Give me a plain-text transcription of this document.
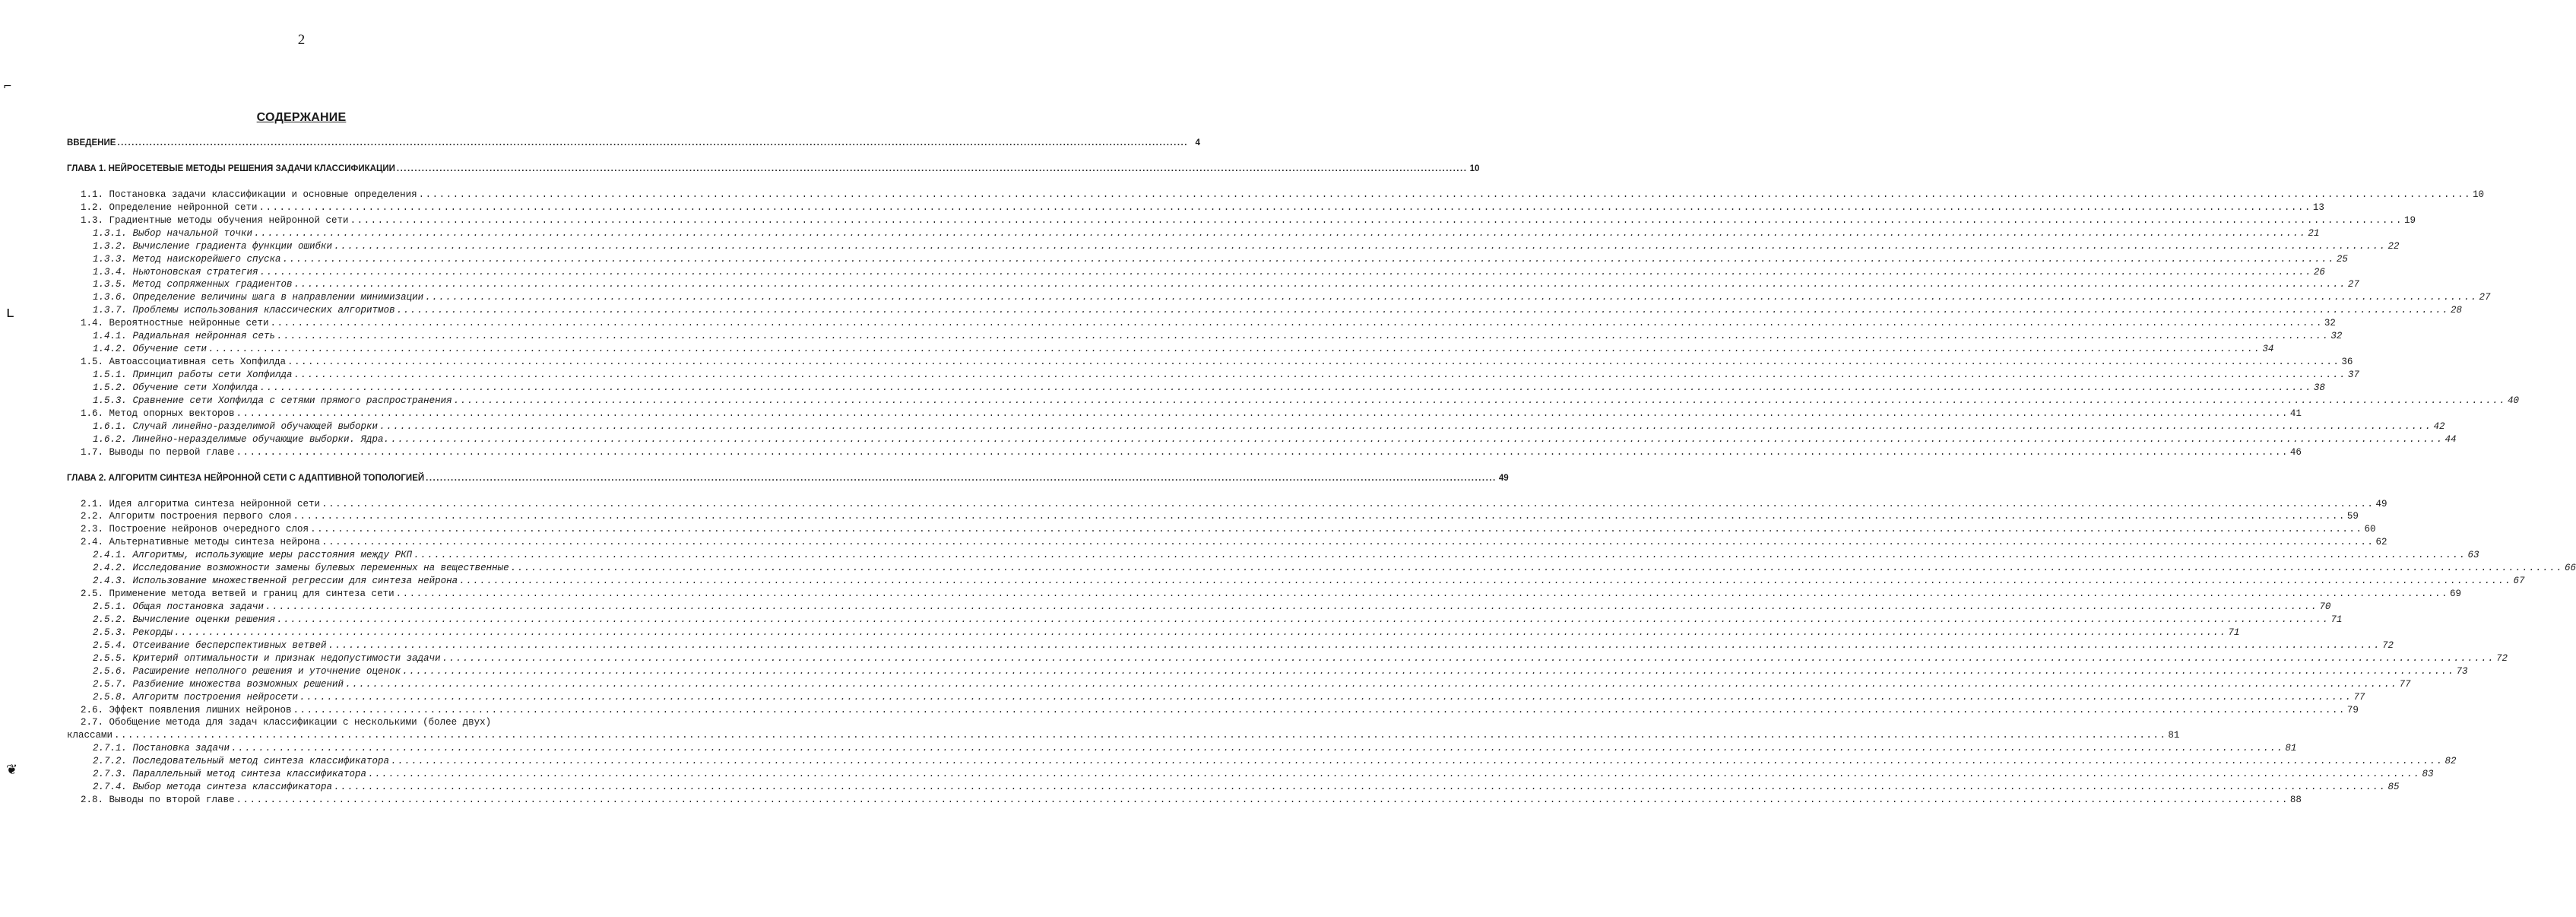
2
СОДЕРЖАНИЕ
ВВЕДЕНИЕ ............................................................................................................................................................................................................................................................................................................ 4
ГЛАВА 1. НЕЙРОСЕТЕВЫЕ МЕТОДЫ РЕШЕНИЯ ЗАДАЧИ КЛАССИФИКАЦИИ ............................................................................................................................................................................................................................................................................................................ 10
1.1. Постановка задачи классификации и основные определения ............................................................................................................................................................................................................................................................................................................ 10
1.2. Определение нейронной сети ............................................................................................................................................................................................................................................................................................................ 13
1.3. Градиентные методы обучения нейронной сети ............................................................................................................................................................................................................................................................................................................ 19
1.3.1. Выбор начальной точки ............................................................................................................................................................................................................................................................................................................ 21
1.3.2. Вычисление градиента функции ошибки ............................................................................................................................................................................................................................................................................................................ 22
1.3.3. Метод наискорейшего спуска ............................................................................................................................................................................................................................................................................................................ 25
1.3.4. Ньютоновская стратегия ............................................................................................................................................................................................................................................................................................................ 26
1.3.5. Метод сопряженных градиентов ............................................................................................................................................................................................................................................................................................................ 27
1.3.6. Определение величины шага в направлении минимизации ............................................................................................................................................................................................................................................................................................................ 27
1.3.7. Проблемы использования классических алгоритмов ............................................................................................................................................................................................................................................................................................................ 28
1.4. Вероятностные нейронные сети ............................................................................................................................................................................................................................................................................................................ 32
1.4.1. Радиальная нейронная сеть ............................................................................................................................................................................................................................................................................................................ 32
1.4.2. Обучение сети ............................................................................................................................................................................................................................................................................................................ 34
1.5. Автоассоциативная сеть Хопфилда ............................................................................................................................................................................................................................................................................................................ 36
1.5.1. Принцип работы сети Хопфилда ............................................................................................................................................................................................................................................................................................................ 37
1.5.2. Обучение сети Хопфилда ............................................................................................................................................................................................................................................................................................................ 38
1.5.3. Сравнение сети Хопфилда с сетями прямого распространения ............................................................................................................................................................................................................................................................................................................ 40
1.6. Метод опорных векторов ............................................................................................................................................................................................................................................................................................................ 41
1.6.1. Случай линейно-разделимой обучающей выборки ............................................................................................................................................................................................................................................................................................................ 42
1.6.2. Линейно-неразделимые обучающие выборки. Ядра. ............................................................................................................................................................................................................................................................................................................ 44
1.7. Выводы по первой главе ............................................................................................................................................................................................................................................................................................................ 46
ГЛАВА 2. АЛГОРИТМ СИНТЕЗА НЕЙРОННОЙ СЕТИ С АДАПТИВНОЙ ТОПОЛОГИЕЙ ............................................................................................................................................................................................................................................................................................................ 49
2.1. Идея алгоритма синтеза нейронной сети ............................................................................................................................................................................................................................................................................................................ 49
2.2. Алгоритм построения первого слоя ............................................................................................................................................................................................................................................................................................................ 59
2.3. Построение нейронов очередного слоя ............................................................................................................................................................................................................................................................................................................ 60
2.4. Альтернативные методы синтеза нейрона ............................................................................................................................................................................................................................................................................................................ 62
2.4.1. Алгоритмы, использующие меры расстояния между РКП ............................................................................................................................................................................................................................................................................................................ 63
2.4.2. Исследование возможности замены булевых переменных на вещественные ............................................................................................................................................................................................................................................................................................................ 66
2.4.3. Использование множественной регрессии для синтеза нейрона ............................................................................................................................................................................................................................................................................................................ 67
2.5. Применение метода ветвей и границ для синтеза сети ............................................................................................................................................................................................................................................................................................................ 69
2.5.1. Общая постановка задачи ............................................................................................................................................................................................................................................................................................................ 70
2.5.2. Вычисление оценки решения ............................................................................................................................................................................................................................................................................................................ 71
2.5.3. Рекорды ............................................................................................................................................................................................................................................................................................................ 71
2.5.4. Отсеивание бесперспективных ветвей ............................................................................................................................................................................................................................................................................................................ 72
2.5.5. Критерий оптимальности и признак недопустимости задачи ............................................................................................................................................................................................................................................................................................................ 72
2.5.6. Расширение неполного решения и уточнение оценок ............................................................................................................................................................................................................................................................................................................ 73
2.5.7. Разбиение множества возможных решений ............................................................................................................................................................................................................................................................................................................ 77
2.5.8. Алгоритм построения нейросети ............................................................................................................................................................................................................................................................................................................ 77
2.6. Эффект появления лишних нейронов ............................................................................................................................................................................................................................................................................................................ 79
2.7. Обобщение метода для задач классификации с несколькими (более двух)
классами ............................................................................................................................................................................................................................................................................................................ 81
2.7.1. Постановка задачи ............................................................................................................................................................................................................................................................................................................ 81
2.7.2. Последовательный метод синтеза классификатора ............................................................................................................................................................................................................................................................................................................ 82
2.7.3. Параллельный метод синтеза классификатора ............................................................................................................................................................................................................................................................................................................ 83
2.7.4. Выбор метода синтеза классификатора ............................................................................................................................................................................................................................................................................................................ 85
2.8. Выводы по второй главе ............................................................................................................................................................................................................................................................................................................ 88
⌐
ʟ
❦
